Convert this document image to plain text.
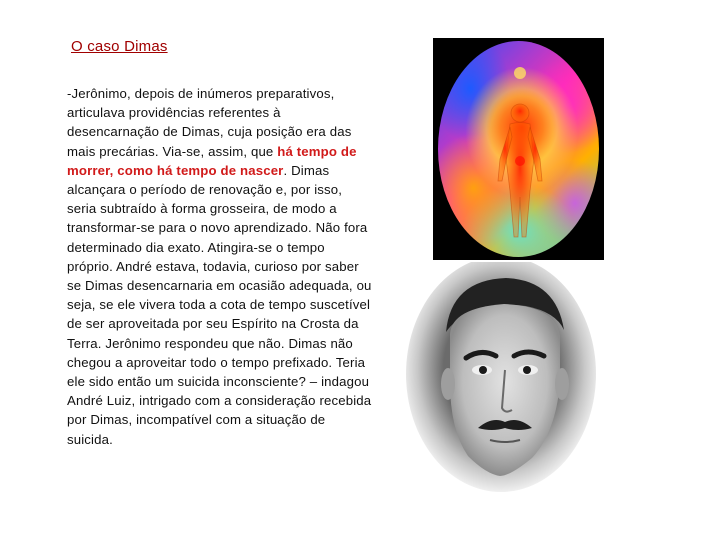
O caso Dimas
-Jerônimo, depois de inúmeros preparativos, articulava providências referentes à desencarnação de Dimas, cuja posição era das mais precárias. Via-se, assim, que há tempo de morrer, como há tempo de nascer. Dimas alcançara o período de renovação e, por isso, seria subtraído à forma grosseira, de modo a transformar-se para o novo aprendizado. Não fora determinado dia exato. Atingira-se o tempo próprio. André estava, todavia, curioso por saber se Dimas desencarnaria em ocasião adequada, ou seja, se ele vivera toda a cota de tempo suscetível de ser aproveitada por seu Espírito na Crosta da Terra. Jerônimo respondeu que não. Dimas não chegou a aproveitar todo o tempo prefixado. Teria ele sido então um suicida inconsciente? – indagou André Luiz, intrigado com a consideração recebida por Dimas, incompatível com a situação de suicida.
